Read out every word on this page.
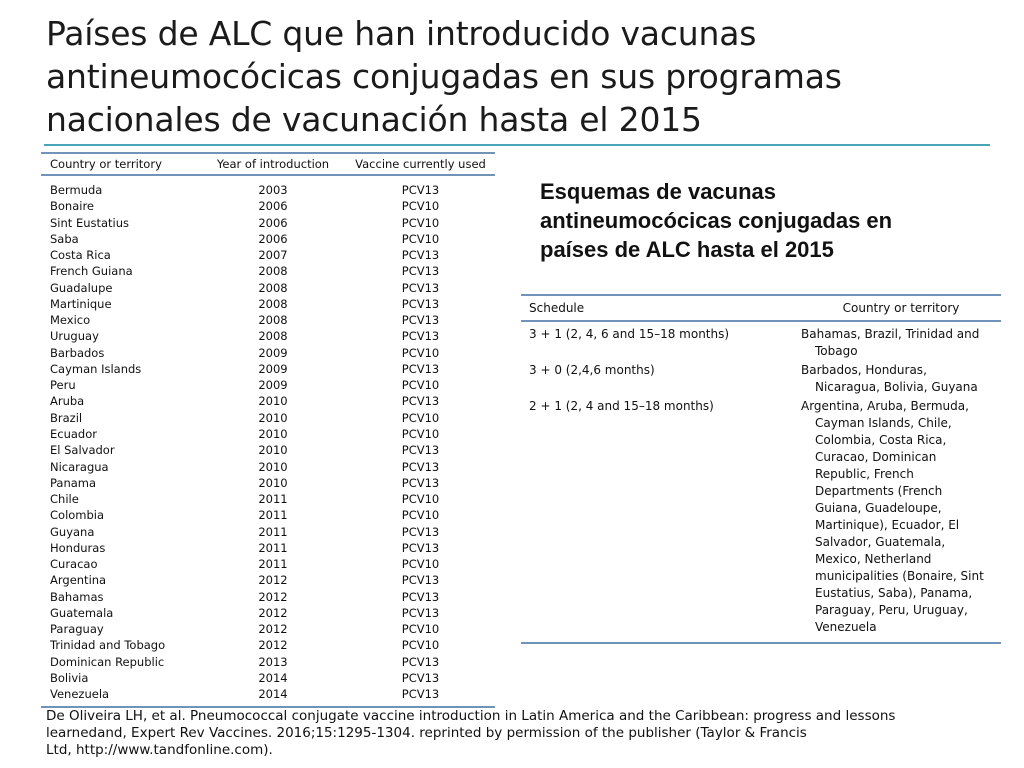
Países de ALC que han introducido vacunas
antineumocócicas conjugadas en sus programas
nacionales de vacunación hasta el 2015
Country or territory	Year of introduction	Vaccine currently used
Bermuda	2003	PCV13
Bonaire	2006	PCV10
Sint Eustatius	2006	PCV10
Saba	2006	PCV10
Costa Rica	2007	PCV13
French Guiana	2008	PCV13
Guadalupe	2008	PCV13
Martinique	2008	PCV13
Mexico	2008	PCV13
Uruguay	2008	PCV13
Barbados	2009	PCV10
Cayman Islands	2009	PCV13
Peru	2009	PCV10
Aruba	2010	PCV13
Brazil	2010	PCV10
Ecuador	2010	PCV10
El Salvador	2010	PCV13
Nicaragua	2010	PCV13
Panama	2010	PCV13
Chile	2011	PCV10
Colombia	2011	PCV10
Guyana	2011	PCV13
Honduras	2011	PCV13
Curacao	2011	PCV10
Argentina	2012	PCV13
Bahamas	2012	PCV13
Guatemala	2012	PCV13
Paraguay	2012	PCV10
Trinidad and Tobago	2012	PCV10
Dominican Republic	2013	PCV13
Bolivia	2014	PCV13
Venezuela	2014	PCV13
Esquemas de vacunas
antineumocócicas conjugadas en
países de ALC hasta el 2015
Schedule	Country or territory
3 + 1 (2, 4, 6 and 15–18 months)	Bahamas, Brazil, Trinidad and
Tobago
3 + 0 (2,4,6 months)	Barbados, Honduras,
Nicaragua, Bolivia, Guyana
2 + 1 (2, 4 and 15–18 months)	Argentina, Aruba, Bermuda,
Cayman Islands, Chile,
Colombia, Costa Rica,
Curacao, Dominican
Republic, French
Departments (French
Guiana, Guadeloupe,
Martinique), Ecuador, El
Salvador, Guatemala,
Mexico, Netherland
municipalities (Bonaire, Sint
Eustatius, Saba), Panama,
Paraguay, Peru, Uruguay,
Venezuela
De Oliveira LH, et al. Pneumococcal conjugate vaccine introduction in Latin America and the Caribbean: progress and lessons
learnedand, Expert Rev Vaccines. 2016;15:1295-1304. reprinted by permission of the publisher (Taylor & Francis
Ltd, http://www.tandfonline.com).
